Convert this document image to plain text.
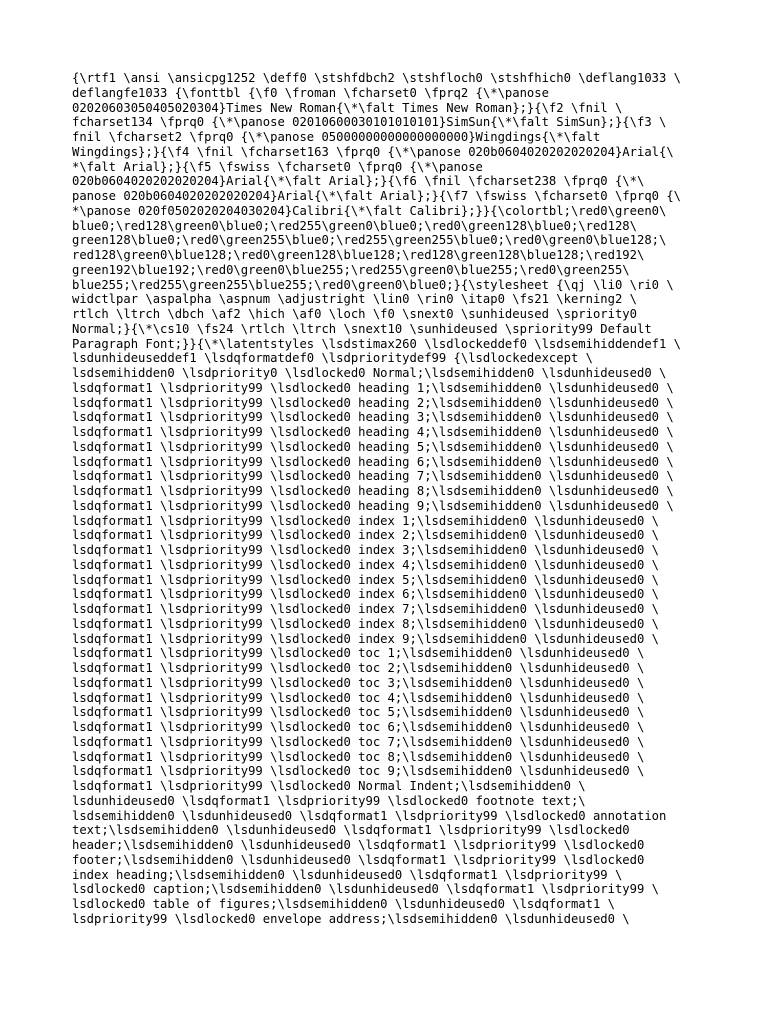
{\rtf1 \ansi \ansicpg1252 \deff0 \stshfdbch2 \stshfloch0 \stshfhich0 \deflang1033 \
deflangfe1033 {\fonttbl {\f0 \froman \fcharset0 \fprq2 {\*\panose
02020603050405020304}Times New Roman{\*\falt Times New Roman};}{\f2 \fnil \
fcharset134 \fprq0 {\*\panose 02010600030101010101}SimSun{\*\falt SimSun};}{\f3 \
fnil \fcharset2 \fprq0 {\*\panose 05000000000000000000}Wingdings{\*\falt
Wingdings};}{\f4 \fnil \fcharset163 \fprq0 {\*\panose 020b0604020202020204}Arial{\
*\falt Arial};}{\f5 \fswiss \fcharset0 \fprq0 {\*\panose
020b0604020202020204}Arial{\*\falt Arial};}{\f6 \fnil \fcharset238 \fprq0 {\*\
panose 020b0604020202020204}Arial{\*\falt Arial};}{\f7 \fswiss \fcharset0 \fprq0 {\
*\panose 020f0502020204030204}Calibri{\*\falt Calibri};}}{\colortbl;\red0\green0\
blue0;\red128\green0\blue0;\red255\green0\blue0;\red0\green128\blue0;\red128\
green128\blue0;\red0\green255\blue0;\red255\green255\blue0;\red0\green0\blue128;\
red128\green0\blue128;\red0\green128\blue128;\red128\green128\blue128;\red192\
green192\blue192;\red0\green0\blue255;\red255\green0\blue255;\red0\green255\
blue255;\red255\green255\blue255;\red0\green0\blue0;}{\stylesheet {\qj \li0 \ri0 \
widctlpar \aspalpha \aspnum \adjustright \lin0 \rin0 \itap0 \fs21 \kerning2 \
rtlch \ltrch \dbch \af2 \hich \af0 \loch \f0 \snext0 \sunhideused \spriority0
Normal;}{\*\cs10 \fs24 \rtlch \ltrch \snext10 \sunhideused \spriority99 Default
Paragraph Font;}}{\*\latentstyles \lsdstimax260 \lsdlockeddef0 \lsdsemihiddendef1 \
lsdunhideuseddef1 \lsdqformatdef0 \lsdprioritydef99 {\lsdlockedexcept \
lsdsemihidden0 \lsdpriority0 \lsdlocked0 Normal;\lsdsemihidden0 \lsdunhideused0 \
lsdqformat1 \lsdpriority99 \lsdlocked0 heading 1;\lsdsemihidden0 \lsdunhideused0 \
lsdqformat1 \lsdpriority99 \lsdlocked0 heading 2;\lsdsemihidden0 \lsdunhideused0 \
lsdqformat1 \lsdpriority99 \lsdlocked0 heading 3;\lsdsemihidden0 \lsdunhideused0 \
lsdqformat1 \lsdpriority99 \lsdlocked0 heading 4;\lsdsemihidden0 \lsdunhideused0 \
lsdqformat1 \lsdpriority99 \lsdlocked0 heading 5;\lsdsemihidden0 \lsdunhideused0 \
lsdqformat1 \lsdpriority99 \lsdlocked0 heading 6;\lsdsemihidden0 \lsdunhideused0 \
lsdqformat1 \lsdpriority99 \lsdlocked0 heading 7;\lsdsemihidden0 \lsdunhideused0 \
lsdqformat1 \lsdpriority99 \lsdlocked0 heading 8;\lsdsemihidden0 \lsdunhideused0 \
lsdqformat1 \lsdpriority99 \lsdlocked0 heading 9;\lsdsemihidden0 \lsdunhideused0 \
lsdqformat1 \lsdpriority99 \lsdlocked0 index 1;\lsdsemihidden0 \lsdunhideused0 \
lsdqformat1 \lsdpriority99 \lsdlocked0 index 2;\lsdsemihidden0 \lsdunhideused0 \
lsdqformat1 \lsdpriority99 \lsdlocked0 index 3;\lsdsemihidden0 \lsdunhideused0 \
lsdqformat1 \lsdpriority99 \lsdlocked0 index 4;\lsdsemihidden0 \lsdunhideused0 \
lsdqformat1 \lsdpriority99 \lsdlocked0 index 5;\lsdsemihidden0 \lsdunhideused0 \
lsdqformat1 \lsdpriority99 \lsdlocked0 index 6;\lsdsemihidden0 \lsdunhideused0 \
lsdqformat1 \lsdpriority99 \lsdlocked0 index 7;\lsdsemihidden0 \lsdunhideused0 \
lsdqformat1 \lsdpriority99 \lsdlocked0 index 8;\lsdsemihidden0 \lsdunhideused0 \
lsdqformat1 \lsdpriority99 \lsdlocked0 index 9;\lsdsemihidden0 \lsdunhideused0 \
lsdqformat1 \lsdpriority99 \lsdlocked0 toc 1;\lsdsemihidden0 \lsdunhideused0 \
lsdqformat1 \lsdpriority99 \lsdlocked0 toc 2;\lsdsemihidden0 \lsdunhideused0 \
lsdqformat1 \lsdpriority99 \lsdlocked0 toc 3;\lsdsemihidden0 \lsdunhideused0 \
lsdqformat1 \lsdpriority99 \lsdlocked0 toc 4;\lsdsemihidden0 \lsdunhideused0 \
lsdqformat1 \lsdpriority99 \lsdlocked0 toc 5;\lsdsemihidden0 \lsdunhideused0 \
lsdqformat1 \lsdpriority99 \lsdlocked0 toc 6;\lsdsemihidden0 \lsdunhideused0 \
lsdqformat1 \lsdpriority99 \lsdlocked0 toc 7;\lsdsemihidden0 \lsdunhideused0 \
lsdqformat1 \lsdpriority99 \lsdlocked0 toc 8;\lsdsemihidden0 \lsdunhideused0 \
lsdqformat1 \lsdpriority99 \lsdlocked0 toc 9;\lsdsemihidden0 \lsdunhideused0 \
lsdqformat1 \lsdpriority99 \lsdlocked0 Normal Indent;\lsdsemihidden0 \
lsdunhideused0 \lsdqformat1 \lsdpriority99 \lsdlocked0 footnote text;\
lsdsemihidden0 \lsdunhideused0 \lsdqformat1 \lsdpriority99 \lsdlocked0 annotation
text;\lsdsemihidden0 \lsdunhideused0 \lsdqformat1 \lsdpriority99 \lsdlocked0
header;\lsdsemihidden0 \lsdunhideused0 \lsdqformat1 \lsdpriority99 \lsdlocked0
footer;\lsdsemihidden0 \lsdunhideused0 \lsdqformat1 \lsdpriority99 \lsdlocked0
index heading;\lsdsemihidden0 \lsdunhideused0 \lsdqformat1 \lsdpriority99 \
lsdlocked0 caption;\lsdsemihidden0 \lsdunhideused0 \lsdqformat1 \lsdpriority99 \
lsdlocked0 table of figures;\lsdsemihidden0 \lsdunhideused0 \lsdqformat1 \
lsdpriority99 \lsdlocked0 envelope address;\lsdsemihidden0 \lsdunhideused0 \
